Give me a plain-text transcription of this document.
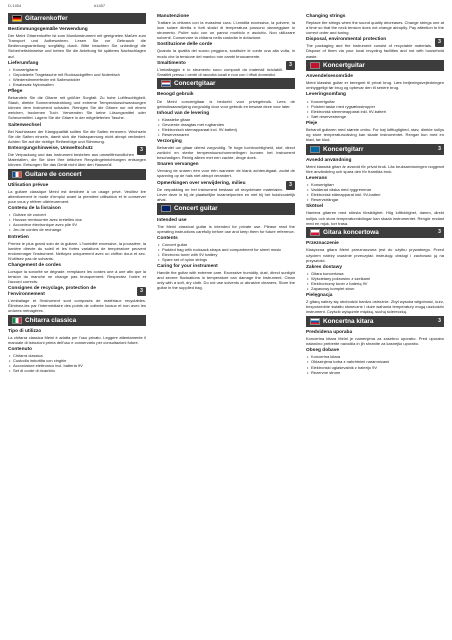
D-1454	#1457
Gitarrenkoffer
Bestimmungsgemäße Verwendung

Der Meinl Gitarrenkoffer ist zum Musikinstrument mit geeigneten Maßen zum Transport und Aufbewahren. Lesen Sie vor Gebrauch die Bedienungsanleitung sorgfältig durch. Bitte beachten Sie unbedingt die Sicherheitshinweise und heben Sie die Anleitung für späteres Nachschlagen auf.

Lieferumfang
• Konzertgitarre
• Gepolsterte Tragetasche mit Rucksackgriffen und Notenfach
• Wiederstimmerfeder mit Saitenwickler
• Ersatzsatz Nylonsaiten
Pflege

Behandeln Sie die Gitarre mit größter Sorgfalt. Zu hohe Luftfeuchtigkeit, Staub, direkte Sonneneinstrahlung und extreme Temperaturschwankungen können dem Instrument schaden. Reinigen Sie die Gitarre nur mit einem weichen, trockenen Tuch. Verwenden Sie keine Lösungsmittel oder Scheuermittel. Lagern Sie die Gitarre in der mitgelieferten Tasche.

Saitenwechsel

Bei Nachlassen der Klangqualität sollten Sie die Saiten erneuern. Wechseln Sie die Saiten einzeln, damit sich die Halsspannung nicht abrupt verändert. Achten Sie auf die richtige Reihenfolge und Stimmung.

3
Entsorgungshinweise, Umweltschutz

Die Verpackung und das Instrument bestehen aus umweltfreundlichen Materialien, die Sie über Ihre örtlichen Recyclingeinrichtungen entsorgen können. Entsorgen Sie das Gerät nicht über den Hausmüll.

Guitare de concert
Utilisation prévue

La guitare classique Meinl est destinée à un usage privé. Veuillez lire attentivement le mode d'emploi avant la première utilisation et le conserver pour vous y référer ultérieurement.

Contenu de la livraison
• Guitare de concert
• Housse rembourrée avec bretelles dos
• Accordeur électronique avec pile 9V
• Jeu de cordes de rechange
Entretien

Prenez le plus grand soin de la guitare. L'humidité excessive, la poussière, la lumière directe du soleil et les fortes variations de température peuvent endommager l'instrument. Nettoyez uniquement avec un chiffon doux et sec. N'utilisez pas de solvants.

Changement de cordes

Lorsque la sonorité se dégrade, remplacez les cordes une à une afin que la tension du manche ne change pas brusquement. Respectez l'ordre et l'accord corrects.

3
Consignes de recyclage, protection de l'environnement

L'emballage et l'instrument sont composés de matériaux recyclables. Éliminez-les par l'intermédiaire des points de collecte locaux et non avec les ordures ménagères.

Chitarra classica
Tipo di utilizzo

La chitarra classica Meinl è adatta per l'uso privato. Leggere attentamente il manuale di istruzioni prima dell'uso e conservarlo per consultazioni future.

Contenuto
• Chitarra classica
• Custodia imbottita con cinghie
• Accordatore elettronico incl. batteria 9V
• Set di corde di ricambio
Manutenzione

Trattare la chitarra con la massima cura. L'umidità eccessiva, la polvere, la luce solare diretta e forti sbalzi di temperatura possono danneggiare lo strumento. Pulire solo con un panno morbido e asciutto. Non utilizzare solventi. Conservare la chitarra nella custodia in dotazione.

Sostituzione delle corde

Quando la qualità del suono peggiora, sostituire le corde una alla volta, in modo che la tensione del manico non cambi bruscamente.

3
Smaltimento

L'imballaggio e lo strumento sono composti da materiali riciclabili. Smaltirli presso i centri di raccolta locali e non con i rifiuti domestici.

Concertgitaar
Beoogd gebruik

De Meinl concertgitaar is bedoeld voor privégebruik. Lees de gebruiksaanwijzing zorgvuldig door voor gebruik en bewaar deze voor later.

Inhoud van de levering
• Klassieke gitaar
• Gevoerde draagtas met rugbanden
• Elektronisch stemapparaat incl. 9V-batterij
• Reservesnaren
Verzorging

Behandel uw gitaar uiterst zorgvuldig. Te hoge luchtvochtigheid, stof, direct zonlicht en sterke temperatuurschommelingen kunnen het instrument beschadigen. Reinig alleen met een zachte, droge doek.

Snaren vervangen

Vervang de snaren één voor één wanneer de klank achteruitgaat, zodat de spanning op de hals niet abrupt verandert.

3
Opmerkingen over verwijdering, milieu

De verpakking en het instrument bestaan uit recyclebare materialen. Lever deze in bij de plaatselijke inzamelpunten en niet bij het huishoudelijk afval.

Concert guitar
Intended use

The Meinl classical guitar is intended for private use. Please read the operating instructions carefully before use and keep them for future reference.

Contents
• Concert guitar
• Padded bag with rucksack straps and compartment for sheet music
• Electronic tuner with 9V battery
• Spare set of nylon strings
Caring for your instrument

Handle the guitar with extreme care. Excessive humidity, dust, direct sunlight and severe fluctuations in temperature can damage the instrument. Clean only with a soft, dry cloth. Do not use solvents or abrasive cleaners. Store the guitar in the supplied bag.

Changing strings

Replace the strings when the sound quality decreases. Change strings one at a time so that the neck tension does not change abruptly. Pay attention to the correct order and tuning.

3
Disposal, environmental protection

The packaging and the instrument consist of recyclable materials. Dispose of them via your local recycling facilities and not with household waste.

Koncertguitar
Anvendelsesområde

Meinl klassisk guitar er beregnet til privat brug. Læs betjeningsvejledningen omhyggeligt før brug og opbevar den til senere brug.

Leveringsomfang
• Koncertguitar
• Polstret taske med rygsæksstropper
• Elektronisk stemmeapparat inkl. 9V-batteri
• Sæt reservestrenge
Pleje

Behandl guitaren med største omhu. For høj luftfugtighed, støv, direkte sollys og store temperaturudsving kan skade instrumentet. Rengør kun med en blød, tør klud.

3
Koncertgitarr
Avsedd användning

Meinl klassisk gitarr är avsedd för privat bruk. Läs bruksanvisningen noggrant före användning och spara den för framtida bruk.

Leverans
• Konsertgitarr
• Vadderad väska med ryggremmar
• Elektronisk stämapparat inkl. 9V-batteri
• Reservsträngar
Skötsel

Hantera gitarren med största försiktighet. Hög luftfuktighet, damm, direkt solljus och stora temperaturväxlingar kan skada instrumentet. Rengör endast med en mjuk, torr trasa.

3
Gitara koncertowa
Przeznaczenie

Klasyczna gitara Meinl przeznaczona jest do użytku prywatnego. Przed użyciem należy uważnie przeczytać instrukcję obsługi i zachować ją na przyszłość.

Zakres dostawy
• Gitara koncertowa
• Wyściełany pokrowiec z szelkami
• Elektroniczny tuner z baterią 9V
• Zapasowy komplet strun
Pielęgnacja

Z gitarą należy się obchodzić bardzo ostrożnie. Zbyt wysoka wilgotność, kurz, bezpośrednie światło słoneczne i duże wahania temperatury mogą uszkodzić instrument. Czyścić wyłącznie miękką, suchą ściereczką.

3
Koncertna kitara
Predvidena uporaba

Koncertna kitara Meinl je namenjena za zasebno uporabo. Pred uporabo natančno preberite navodila in jih shranite za kasnejšo uporabo.

Obseg dobave
• Koncertna kitara
• Oblazinjena torba z nahrbtnimi naramnicami
• Elektronski uglaševalnik z baterijo 9V
• Rezervne strune
